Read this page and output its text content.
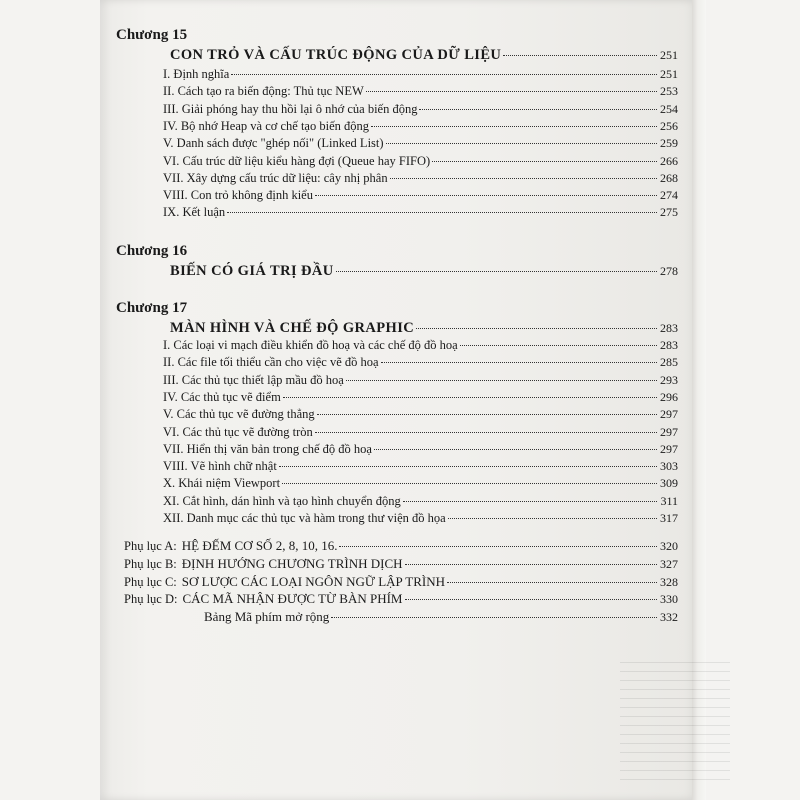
Chương 15
CON TRỎ VÀ CẤU TRÚC ĐỘNG CỦA DỮ LIỆU	251
I. Định nghĩa	251
II. Cách tạo ra biến động: Thủ tục NEW	253
III. Giải phóng hay thu hồi lại ô nhớ của biến động	254
IV. Bộ nhớ Heap và cơ chế tạo biến động	256
V. Danh sách được "ghép nối" (Linked List)	259
VI. Cấu trúc dữ liệu kiểu hàng đợi (Queue hay FIFO)	266
VII. Xây dựng cấu trúc dữ liệu: cây nhị phân	268
VIII. Con trỏ không định kiểu	274
IX. Kết luận	275
Chương 16
BIẾN CÓ GIÁ TRỊ ĐẦU	278
Chương 17
MÀN HÌNH VÀ CHẾ ĐỘ GRAPHIC	283
I. Các loại vi mạch điều khiển đồ hoạ và các chế độ đồ hoạ	283
II. Các file tối thiểu cần cho việc vẽ đồ hoạ	285
III. Các thủ tục thiết lập mầu đồ hoạ	293
IV. Các thủ tục vẽ điểm	296
V. Các thủ tục vẽ đường thẳng	297
VI. Các thủ tục vẽ đường tròn	297
VII. Hiển thị văn bản trong chế độ đồ hoạ	297
VIII. Vẽ hình chữ nhật	303
X. Khái niệm Viewport	309
XI. Cắt hình, dán hình và tạo hình chuyển động	311
XII. Danh mục các thủ tục và hàm trong thư viện đồ họa	317
Phụ lục A: HỆ ĐẾM CƠ SỐ 2, 8, 10, 16.	320
Phụ lục B: ĐỊNH HƯỚNG CHƯƠNG TRÌNH DỊCH	327
Phụ lục C: SƠ LƯỢC CÁC LOẠI NGÔN NGỮ LẬP TRÌNH	328
Phụ lục D: CÁC MÃ NHẬN ĐƯỢC TỪ BÀN PHÍM	330
Bảng Mã phím mở rộng	332
